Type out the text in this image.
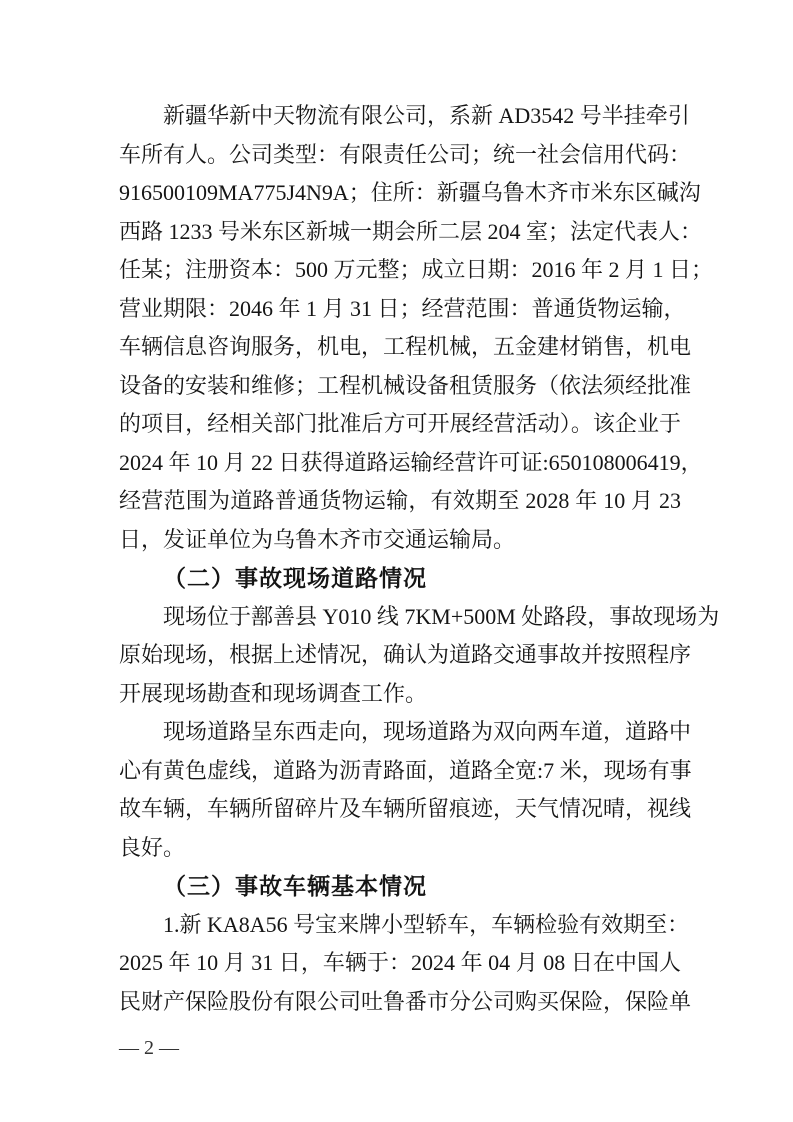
新疆华新中天物流有限公司，系新 AD3542 号半挂牵引
车所有人。公司类型：有限责任公司；统一社会信用代码：
916500109MA775J4N9A；住所：新疆乌鲁木齐市米东区碱沟
西路 1233 号米东区新城一期会所二层 204 室；法定代表人：
任某；注册资本：500 万元整；成立日期：2016 年 2 月 1 日；
营业期限：2046 年 1 月 31 日；经营范围：普通货物运输，
车辆信息咨询服务，机电，工程机械，五金建材销售，机电
设备的安装和维修；工程机械设备租赁服务（依法须经批准
的项目，经相关部门批准后方可开展经营活动）。该企业于
2024 年 10 月 22 日获得道路运输经营许可证:650108006419，
经营范围为道路普通货物运输，有效期至 2028 年 10 月 23
日，发证单位为乌鲁木齐市交通运输局。
（二）事故现场道路情况
现场位于鄯善县 Y010 线 7KM+500M 处路段，事故现场为
原始现场，根据上述情况，确认为道路交通事故并按照程序
开展现场勘查和现场调查工作。
现场道路呈东西走向，现场道路为双向两车道，道路中
心有黄色虚线，道路为沥青路面，道路全宽:7 米，现场有事
故车辆，车辆所留碎片及车辆所留痕迹，天气情况晴，视线
良好。
（三）事故车辆基本情况
1.新 KA8A56 号宝来牌小型轿车，车辆检验有效期至：
2025 年 10 月 31 日，车辆于：2024 年 04 月 08 日在中国人
民财产保险股份有限公司吐鲁番市分公司购买保险，保险单
— 2 —
